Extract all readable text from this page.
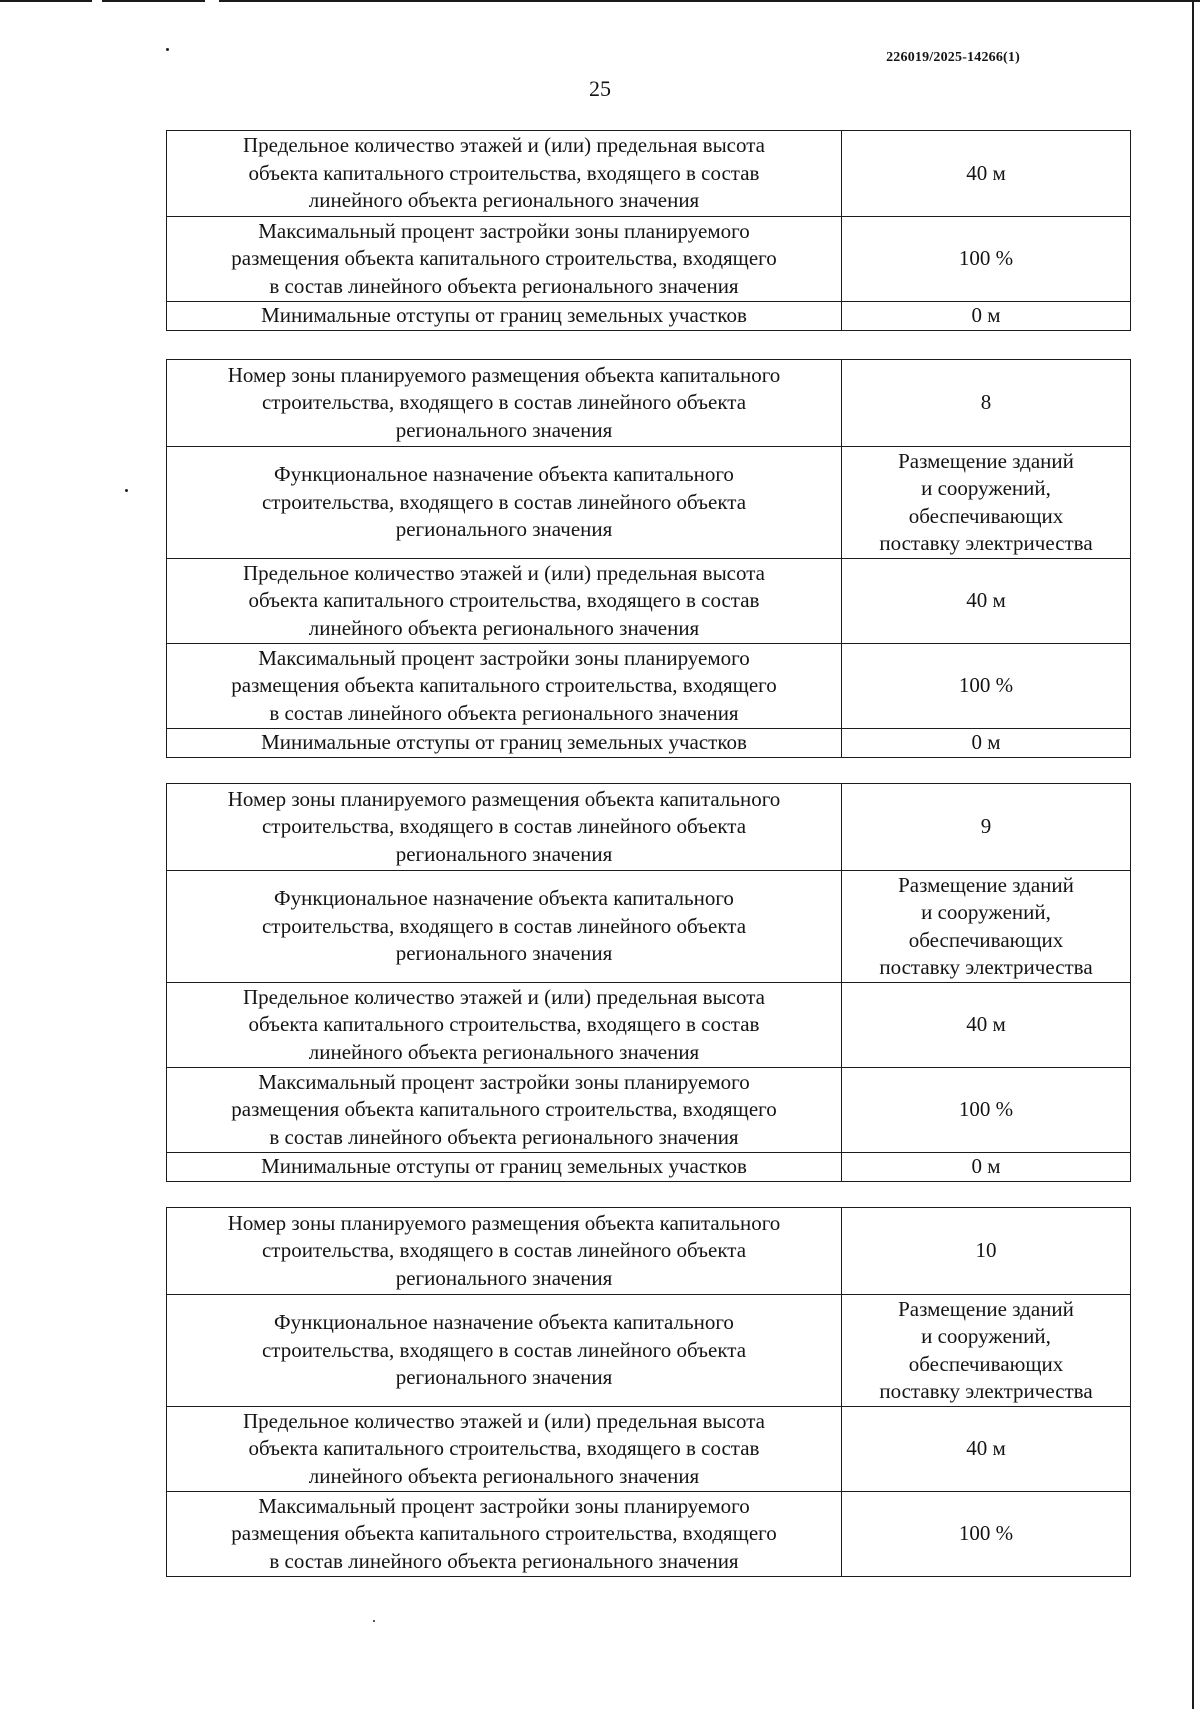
226019/2025-14266(1)
25
Предельное количество этажей и (или) предельная высота
объекта капитального строительства, входящего в состав
линейного объекта регионального значения	40 м

Максимальный процент застройки зоны планируемого
размещения объекта капитального строительства, входящего
в состав линейного объекта регионального значения	100 %

Минимальные отступы от границ земельных участков	0 м
Номер зоны планируемого размещения объекта капитального
строительства, входящего в состав линейного объекта
регионального значения	8

Функциональное назначение объекта капитального
строительства, входящего в состав линейного объекта
регионального значения	Размещение зданий
и сооружений,
обеспечивающих
поставку электричества

Предельное количество этажей и (или) предельная высота
объекта капитального строительства, входящего в состав
линейного объекта регионального значения	40 м

Максимальный процент застройки зоны планируемого
размещения объекта капитального строительства, входящего
в состав линейного объекта регионального значения	100 %

Минимальные отступы от границ земельных участков	0 м
Номер зоны планируемого размещения объекта капитального
строительства, входящего в состав линейного объекта
регионального значения	9

Функциональное назначение объекта капитального
строительства, входящего в состав линейного объекта
регионального значения	Размещение зданий
и сооружений,
обеспечивающих
поставку электричества

Предельное количество этажей и (или) предельная высота
объекта капитального строительства, входящего в состав
линейного объекта регионального значения	40 м

Максимальный процент застройки зоны планируемого
размещения объекта капитального строительства, входящего
в состав линейного объекта регионального значения	100 %

Минимальные отступы от границ земельных участков	0 м
Номер зоны планируемого размещения объекта капитального
строительства, входящего в состав линейного объекта
регионального значения	10

Функциональное назначение объекта капитального
строительства, входящего в состав линейного объекта
регионального значения	Размещение зданий
и сооружений,
обеспечивающих
поставку электричества

Предельное количество этажей и (или) предельная высота
объекта капитального строительства, входящего в состав
линейного объекта регионального значения	40 м

Максимальный процент застройки зоны планируемого
размещения объекта капитального строительства, входящего
в состав линейного объекта регионального значения	100 %
